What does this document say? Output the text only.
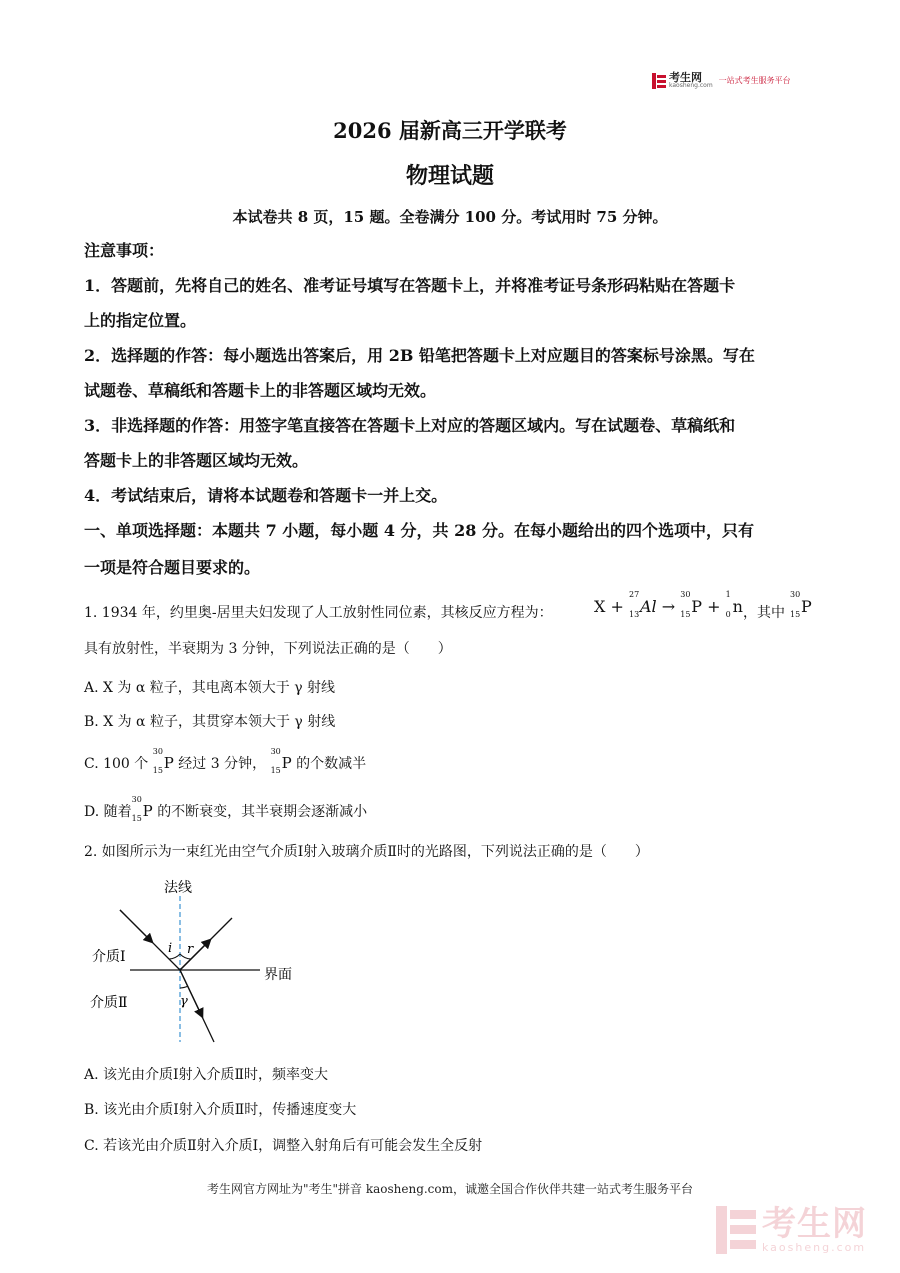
考生网
kaosheng.com
一站式考生服务平台
2026 届新高三开学联考
物理试题
本试卷共 8 页，15 题。全卷满分 100 分。考试用时 75 分钟。
注意事项：
1．答题前，先将自己的姓名、准考证号填写在答题卡上，并将准考证号条形码粘贴在答题卡
上的指定位置。
2．选择题的作答：每小题选出答案后，用 2B 铅笔把答题卡上对应题目的答案标号涂黑。写在
试题卷、草稿纸和答题卡上的非答题区域均无效。
3．非选择题的作答：用签字笔直接答在答题卡上对应的答题区域内。写在试题卷、草稿纸和
答题卡上的非答题区域均无效。
4．考试结束后，请将本试题卷和答题卡一并上交。
一、单项选择题：本题共 7 小题，每小题 4 分，共 28 分。在每小题给出的四个选项中，只有
一项是符合题目要求的。
1. 1934 年，约里奥-居里夫妇发现了人工放射性同位素，其核反应方程为：	X +
27
13 Al →
30
15 P +
1
0 n ，其中
30
15 P
具有放射性，半衰期为 3 分钟，下列说法正确的是（　　）
A. X 为 α 粒子，其电离本领大于 γ 射线
B. X 为 α 粒子，其贯穿本领大于 γ 射线
C. 100 个
30
15 P 经过 3 分钟，
30
15 P 的个数减半
D. 随着
30
15 P 的不断衰变，其半衰期会逐渐减小
2. 如图所示为一束红光由空气介质Ⅰ射入玻璃介质Ⅱ时的光路图，下列说法正确的是（　　）
法线
介质Ⅰ
介质Ⅱ
界面
i r
γ
A. 该光由介质Ⅰ射入介质Ⅱ时，频率变大
B. 该光由介质Ⅰ射入介质Ⅱ时，传播速度变大
C. 若该光由介质Ⅱ射入介质Ⅰ，调整入射角后有可能会发生全反射
考生网官方网址为"考生"拼音 kaosheng.com，诚邀全国合作伙伴共建一站式考生服务平台
考生网
kaosheng.com
